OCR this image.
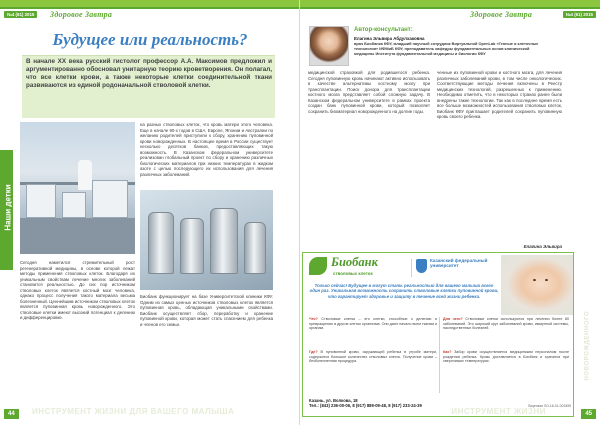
№4 (61) 2015	Здоровое Завтра
Наши детки
Будущее или реальность?

В начале XX века русский гистолог профессор А.А. Максимов предложил и аргументированно обосновал унитарную теорию кроветворения. Он полагал, что все клетки крови, а также некоторые клетки соединительной ткани развиваются из единой родоначальной стволовой клетки.

Сегодня наметился стремительный рост регенеративной медицины, в основе которой лежат методы применения стволовых клеток. Благодаря их уникальным свойствам лечение многих заболеваний становится реальностью. До сих пор источником стволовых клеток является костный мозг человека, однако процесс получения такого материала весьма болезненный. Ценнейшим источником стволовых клеток является пуповинная кровь новорожденного. Это стволовые клетки имеют высокий потенциал к делению и дифференцировке.
на разных стволовых клеток, что кровь матери этого человека. Еще в начале 90-х годов в США, Европе, Японии и Австралии по желанию родителей приступили к сбору, хранению пуповинной крови новорожденных. В настоящее время в России существует несколько десятков банков, предоставляющих такую возможность. В Казанском федеральном университете реализован глобальный проект по сбору и хранению различных биологических материалов при низких температурах в жидком азоте с целью последующего их использования для лечения различных заболеваний.
Биобанк функционирует на базе Университетской клиники КФУ. Одним из самых ценных источников стволовых клеток является пуповинная кровь, обладающая уникальными свойствами. Биобанк осуществляет сбор, переработку и хранение пуповинной крови, которая может стать спасением для ребенка и членов его семьи.
ИНСТРУМЕНТ ЖИЗНИ ДЛЯ ВАШЕГО МАЛЫША
44
Здоровое Завтра	№4 (61) 2015
Автор-консультант:
Елагина Эльвира Абдулхаковна
врач Биобанка КФУ, младший научный сотрудник Виртуальной OpenLab «Генные и клеточные технологии» ИФМиБ КФУ, преподаватель кафедры фундаментальных основ клинической медицины Института фундаментальной медицины и биологии КФУ
медицинской страховкой для родившегося ребенка. Сегодня пуповинную кровь начинают активно использовать в качестве альтернативы костному мозгу при трансплантации. Поиск донора для трансплантации костного мозга представляет собой сложную задачу. В Казанском федеральном университете в рамках проекта создан банк пуповинной крови, который позволяет сохранить биоматериал новорожденного на долгие годы.
ченные из пуповинной крови и костного мозга, для лечения различных заболеваний крови, в том числе онкологических. Соответствующие методы лечения включены в Реестр медицинских технологий, разрешенных к применению. Необходимо отметить, что в некоторых странах ранее были внедрены такие технологии. Так как в последнее время есть все больше возможностей использования стволовых клеток, Биобанк КФУ приглашает родителей сохранить пуповинную кровь своего ребенка.
Елагина Эльвира
Биобанк
стволовых клеток
Казанский федеральный университет
Только сейчас! Будущее в могут стать реальностью для вашего малыша всего один раз. Уникальная возможность сохранить стволовые клетки пуповинной крови, что гарантирует здоровье и защиту в течение всей жизни ребенка.
Что? Стволовые клетки – это клетки, способные к делению и превращению в другие клетки организма. Они дают начало всем тканям и органам.
Где? В пуповинной крови, окружающей ребенка в утробе матери, содержится большое количество стволовых клеток. Получение крови – безболезненная процедура.
Для чего? Стволовые клетки используются при лечении более 80 заболеваний. Это широкий круг заболеваний крови, иммунной системы, наследственных болезней.
Как? Забор крови осуществляется медицинским персоналом после рождения ребенка. Кровь доставляется в Биобанк и хранится при сверхнизких температурах.
Казань, ул. Волкова, 18
Тел.: (843) 236-00-06, 8 (917) 889-09-48, 8 (917) 233-24-39	Лицензия ЛО-16-01-003459
НОВОРОЖДЕННОГО
ИНСТРУМЕНТ ЖИЗНИ	45
